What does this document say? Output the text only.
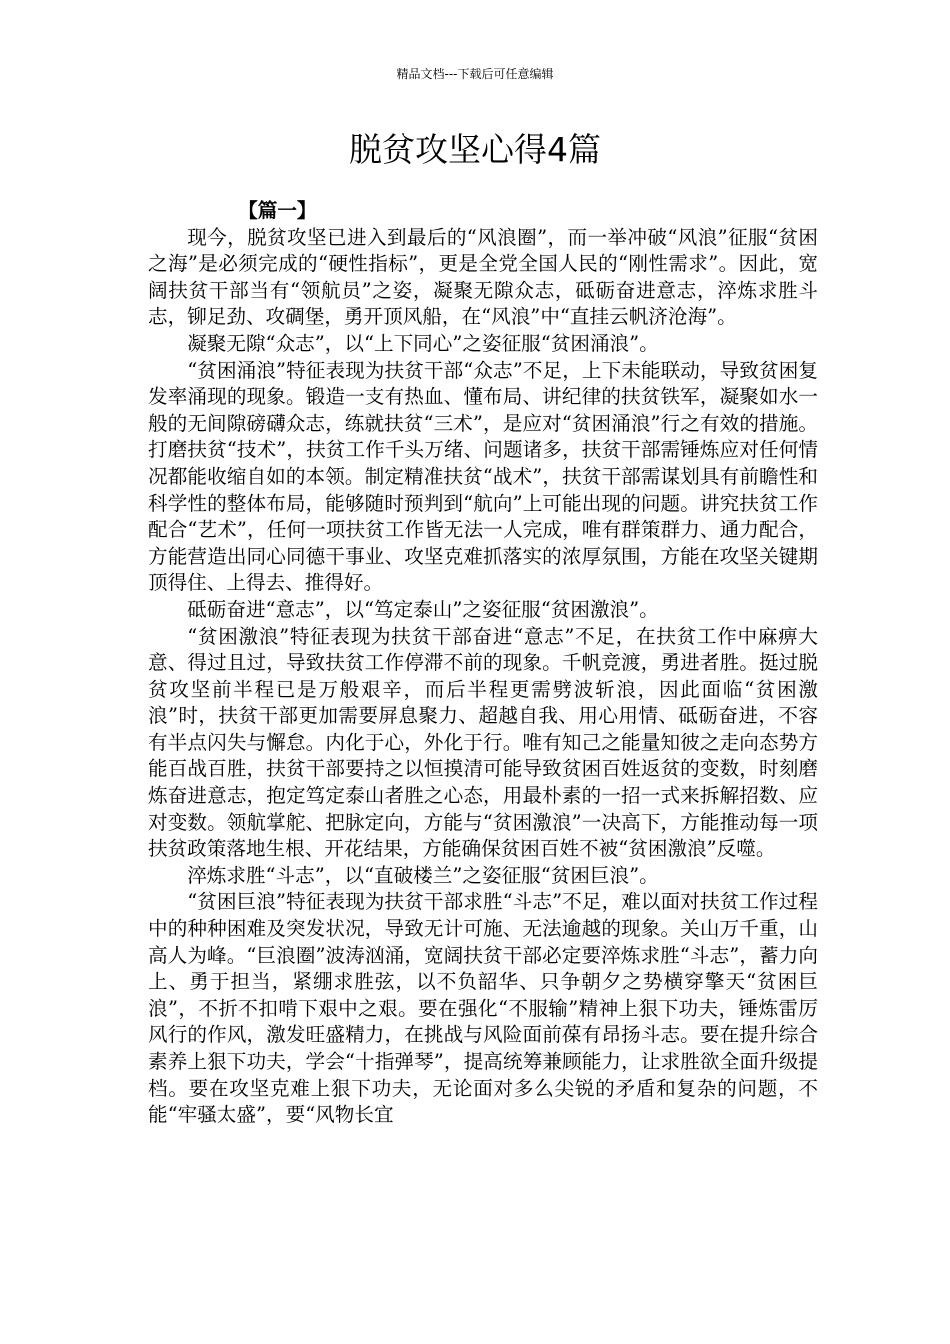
精品文档---下载后可任意编辑
脱贫攻坚心得4篇

【篇一】

现今，脱贫攻坚已进入到最后的“风浪圈”，而一举冲破“风浪”征服“贫困之海”是必须完成的“硬性指标”，更是全党全国人民的“刚性需求”。因此，宽阔扶贫干部当有“领航员”之姿，凝聚无隙众志，砥砺奋进意志，淬炼求胜斗志，铆足劲、攻碉堡，勇开顶风船，在“风浪”中“直挂云帆济沧海”。

凝聚无隙“众志”，以“上下同心”之姿征服“贫困涌浪”。

“贫困涌浪”特征表现为扶贫干部“众志”不足，上下未能联动，导致贫困复发率涌现的现象。锻造一支有热血、懂布局、讲纪律的扶贫铁军，凝聚如水一般的无间隙磅礴众志，练就扶贫“三术”，是应对“贫困涌浪”行之有效的措施。打磨扶贫“技术”，扶贫工作千头万绪、问题诸多，扶贫干部需锤炼应对任何情况都能收缩自如的本领。制定精准扶贫“战术”，扶贫干部需谋划具有前瞻性和科学性的整体布局，能够随时预判到“航向”上可能出现的问题。讲究扶贫工作配合“艺术”，任何一项扶贫工作皆无法一人完成，唯有群策群力、通力配合，方能营造出同心同德干事业、攻坚克难抓落实的浓厚氛围，方能在攻坚关键期顶得住、上得去、推得好。

砥砺奋进“意志”，以“笃定泰山”之姿征服“贫困激浪”。

“贫困激浪”特征表现为扶贫干部奋进“意志”不足，在扶贫工作中麻痹大意、得过且过，导致扶贫工作停滞不前的现象。千帆竞渡，勇进者胜。挺过脱贫攻坚前半程已是万般艰辛，而后半程更需劈波斩浪，因此面临“贫困激浪”时，扶贫干部更加需要屏息聚力、超越自我、用心用情、砥砺奋进，不容有半点闪失与懈怠。内化于心，外化于行。唯有知己之能量知彼之走向态势方能百战百胜，扶贫干部要持之以恒摸清可能导致贫困百姓返贫的变数，时刻磨炼奋进意志，抱定笃定泰山者胜之心态，用最朴素的一招一式来拆解招数、应对变数。领航掌舵、把脉定向，方能与“贫困激浪”一决高下，方能推动每一项扶贫政策落地生根、开花结果，方能确保贫困百姓不被“贫困激浪”反噬。

淬炼求胜“斗志”，以“直破楼兰”之姿征服“贫困巨浪”。

“贫困巨浪”特征表现为扶贫干部求胜“斗志”不足，难以面对扶贫工作过程中的种种困难及突发状况，导致无计可施、无法逾越的现象。关山万千重，山高人为峰。“巨浪圈”波涛汹涌，宽阔扶贫干部必定要淬炼求胜“斗志”，蓄力向上、勇于担当，紧绷求胜弦，以不负韶华、只争朝夕之势横穿擎天“贫困巨浪”，不折不扣啃下艰中之艰。要在强化“不服输”精神上狠下功夫，锤炼雷厉风行的作风，激发旺盛精力，在挑战与风险面前葆有昂扬斗志。要在提升综合素养上狠下功夫，学会“十指弹琴”，提高统筹兼顾能力，让求胜欲全面升级提档。要在攻坚克难上狠下功夫，无论面对多么尖锐的矛盾和复杂的问题，不能“牢骚太盛”，要“风物长宜
